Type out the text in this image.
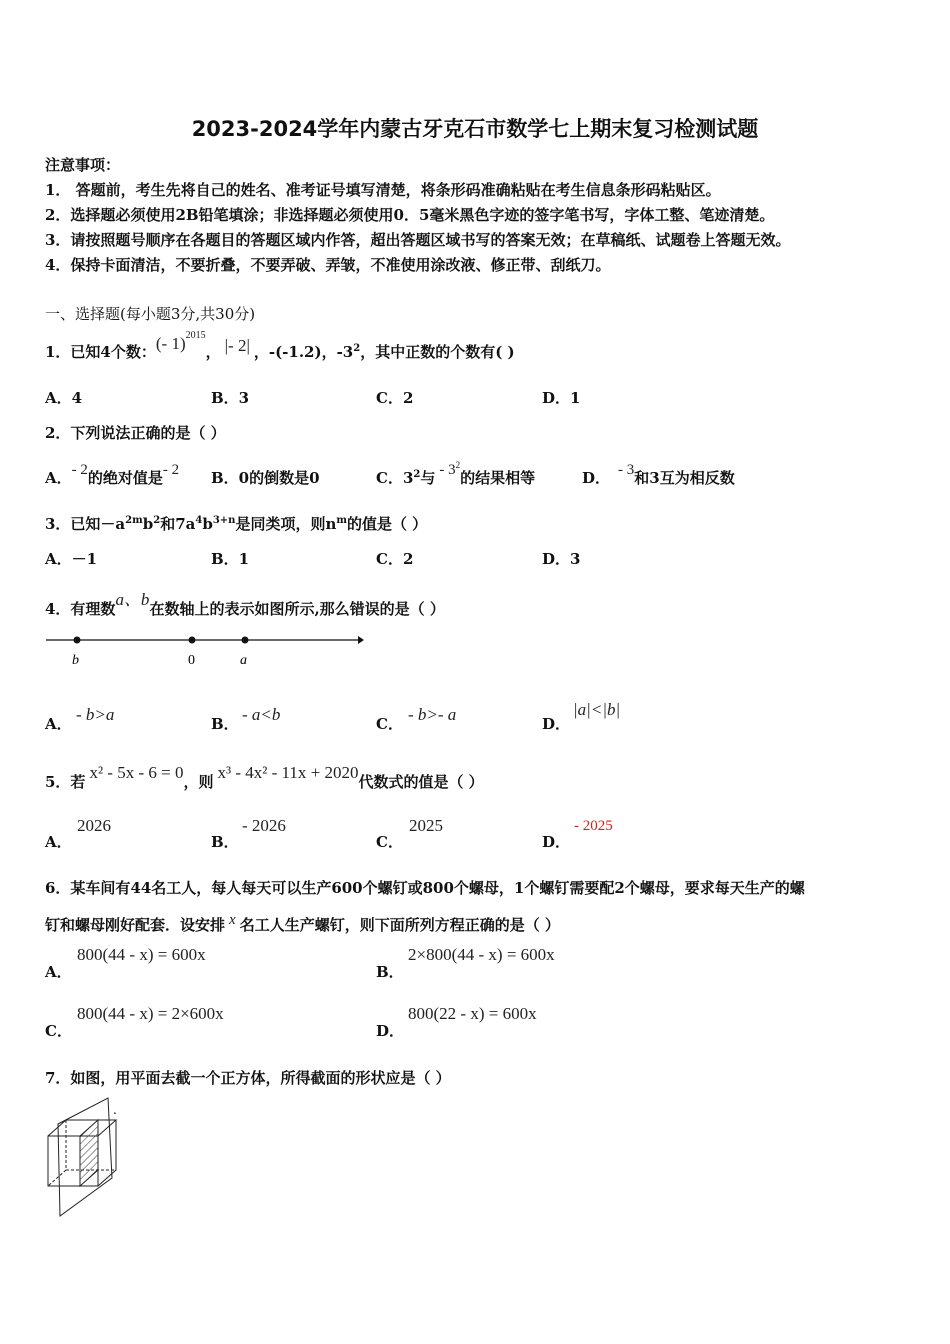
2023-2024学年内蒙古牙克石市数学七上期末复习检测试题
注意事项：
1． 答题前，考生先将自己的姓名、准考证号填写清楚，将条形码准确粘贴在考生信息条形码粘贴区。
2．选择题必须使用2B铅笔填涂；非选择题必须使用0．5毫米黑色字迹的签字笔书写，字体工整、笔迹清楚。
3．请按照题号顺序在各题目的答题区域内作答，超出答题区域书写的答案无效；在草稿纸、试题卷上答题无效。
4．保持卡面清洁，不要折叠，不要弄破、弄皱，不准使用涂改液、修正带、刮纸刀。
一、选择题(每小题3分,共30分)
1．已知4个数：(- 1)$^{2015}$， |- 2| ，-(-1.2)，$-3^2$，其中正数的个数有( )
A．4	B．3	C．2	D．1
2．下列说法正确的是（ ）
A．- 2的绝对值是- 2 B．0的倒数是0	C．$3^2$与 - $3^2$的结果相等	D． - 3和3互为相反数
3．已知$-a^{2m}b^2$和$7a^4b^{3+n}$是同类项，则$n^m$的值是（ ）
A．－1	B．1	C．2	D．3
4．有理数a、b在数轴上的表示如图所示,那么错误的是（ ）
b	0	a
A． - b>a	B． - a<b	C． - b>- a	D．
|a|<|b|
5．若 x² - 5x - 6 = 0，则 x³ - 4x² - 11x + 2020代数式的值是（ ）
A．
2026
B．
- 2026
C．
2025
D．
- 2025
6．某车间有44名工人，每人每天可以生产600个螺钉或800个螺母，1个螺钉需要配2个螺母，要求每天生产的螺
钉和螺母刚好配套．设安排 x 名工人生产螺钉，则下面所列方程正确的是（ ）
A．
800(44 - x) = 600x
B．
2×800(44 - x) = 600x
C．
800(44 - x) = 2×600x
D．
800(22 - x) = 600x
7．如图，用平面去截一个正方体，所得截面的形状应是（ ）
.
